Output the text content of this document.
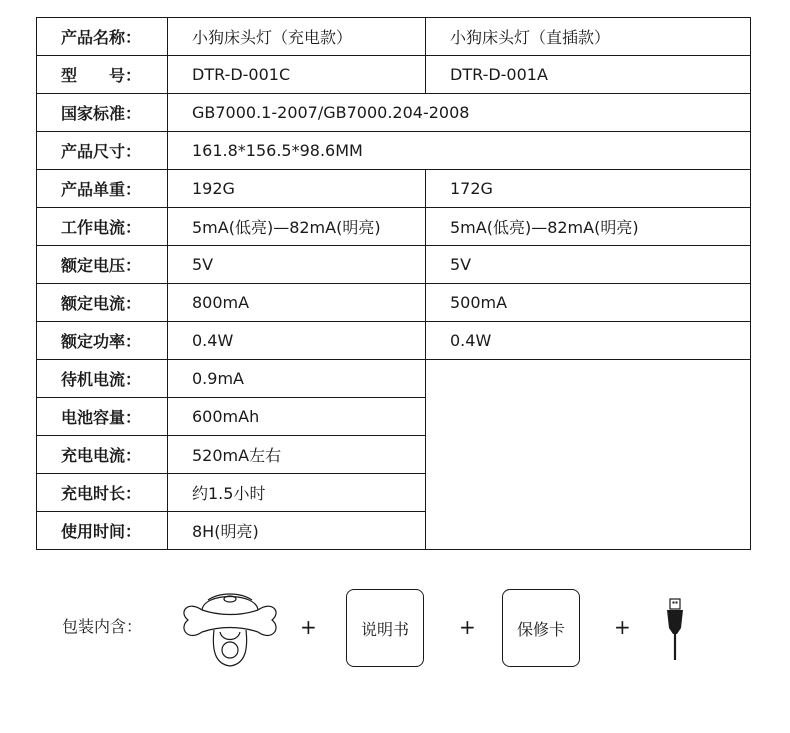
产品名称：	小狗床头灯（充电款）	小狗床头灯（直插款）
型　　号：	DTR-D-001C	DTR-D-001A
国家标准：	GB7000.1-2007/GB7000.204-2008	
产品尺寸：	161.8*156.5*98.6MM	
产品单重：	192G	172G
工作电流：	5mA(低亮)—82mA(明亮)	5mA(低亮)—82mA(明亮)
额定电压：	5V	5V
额定电流：	800mA	500mA
额定功率：	0.4W	0.4W
待机电流：	0.9mA	
电池容量：	600mAh	
充电电流：	520mA左右	
充电时长：	约1.5小时	
使用时间：	8H(明亮)	
包装内含：	+	说明书	+	保修卡 +
